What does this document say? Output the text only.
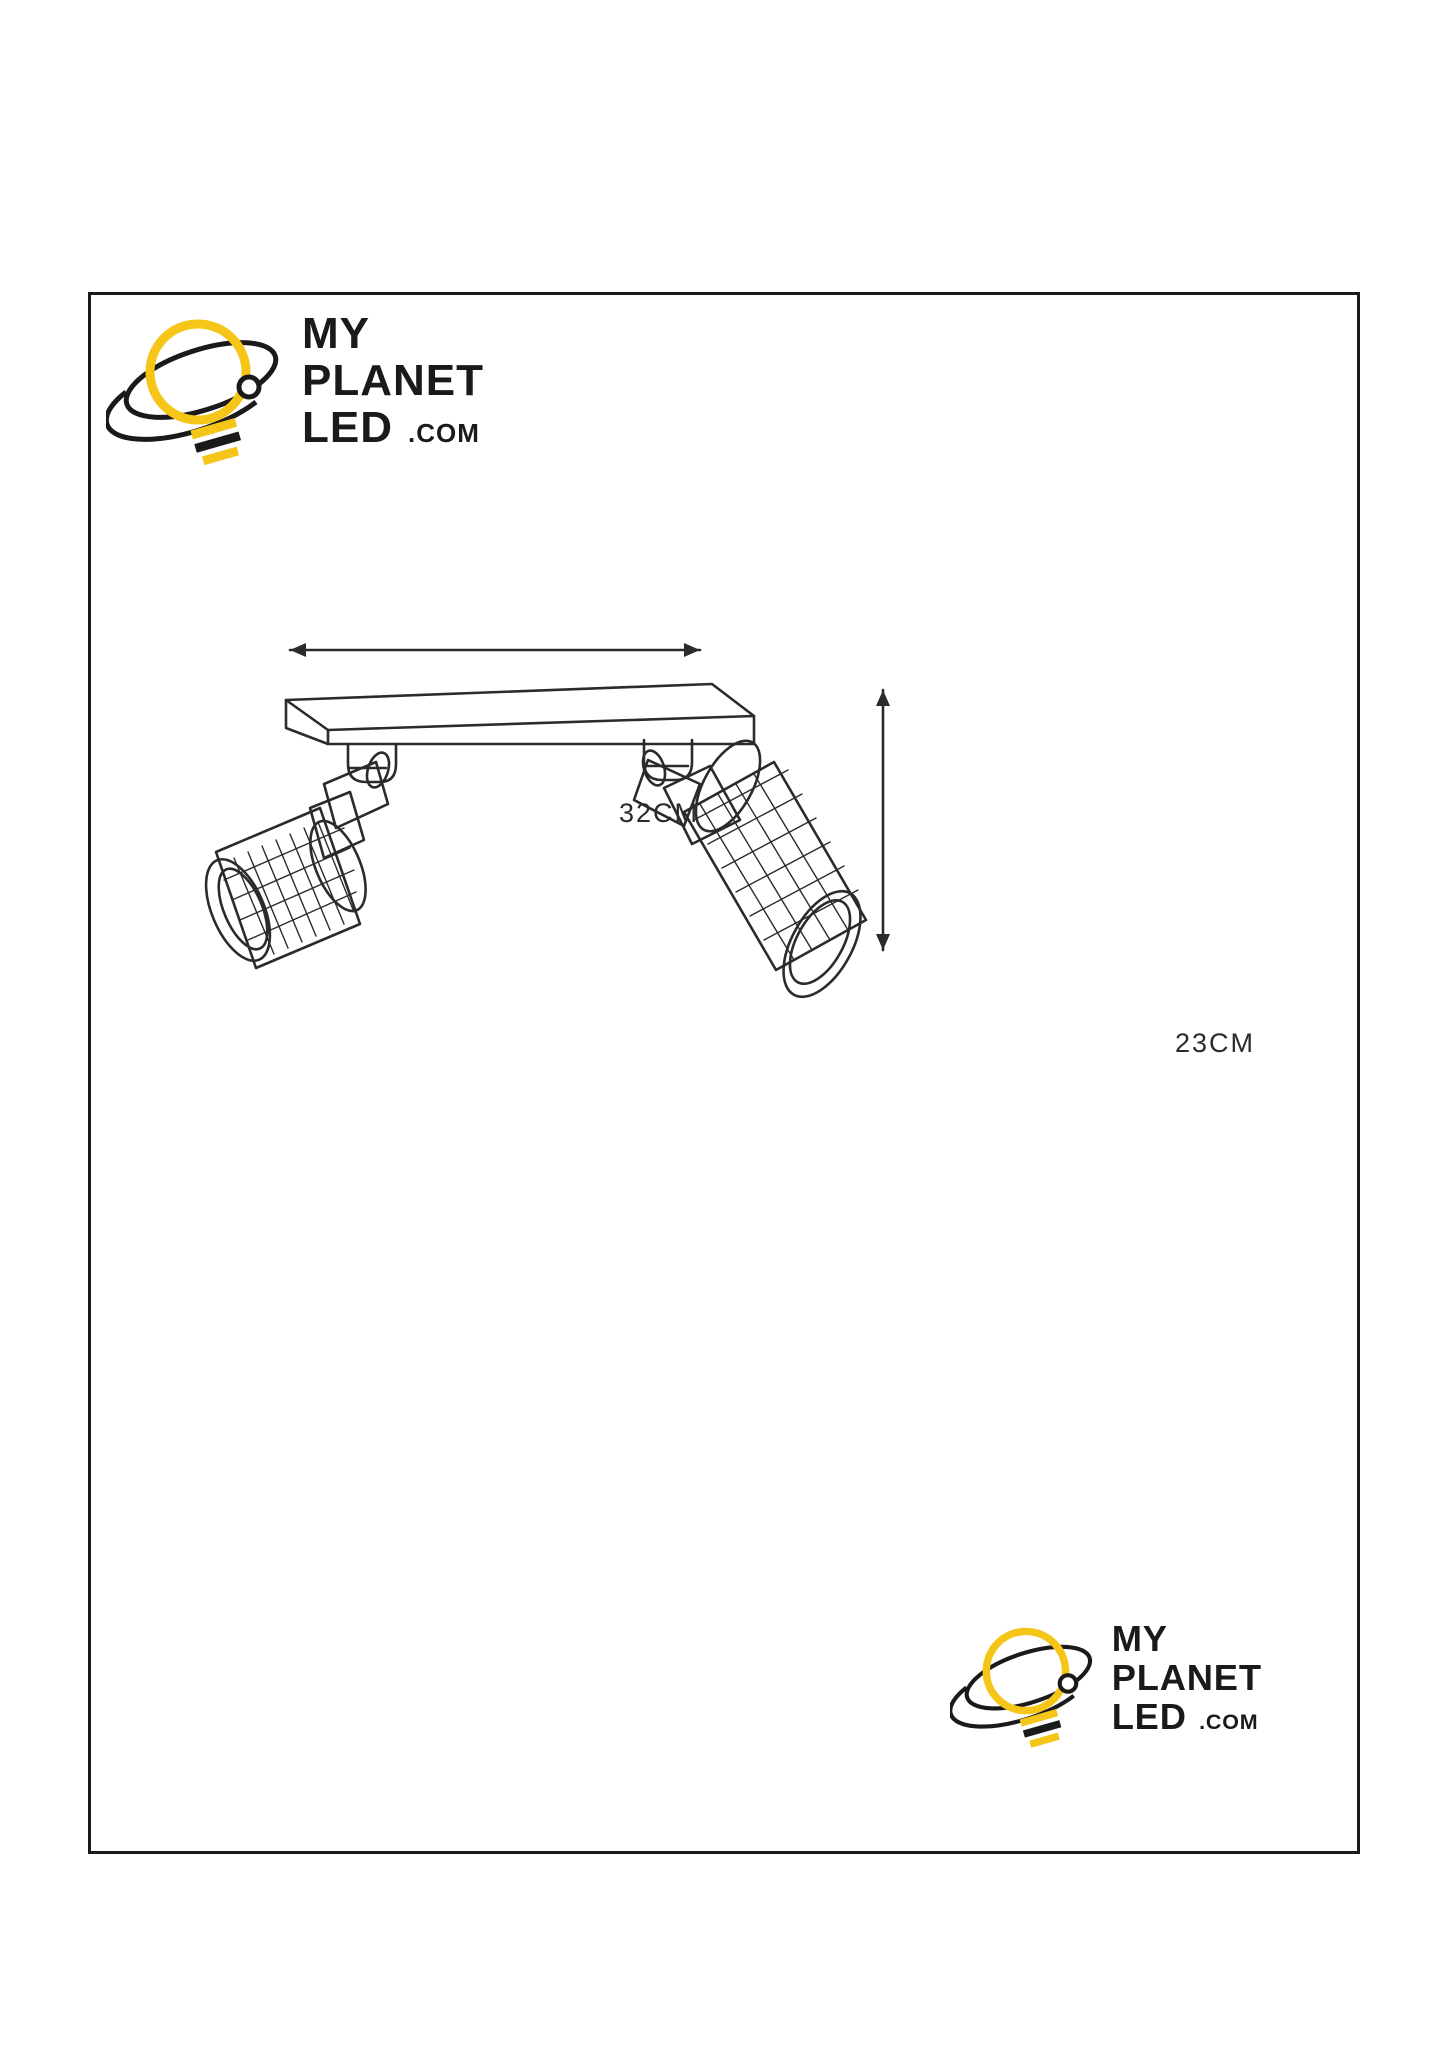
MY
PLANET
LED .COM
MY
PLANET
LED .COM
32CM
23CM
